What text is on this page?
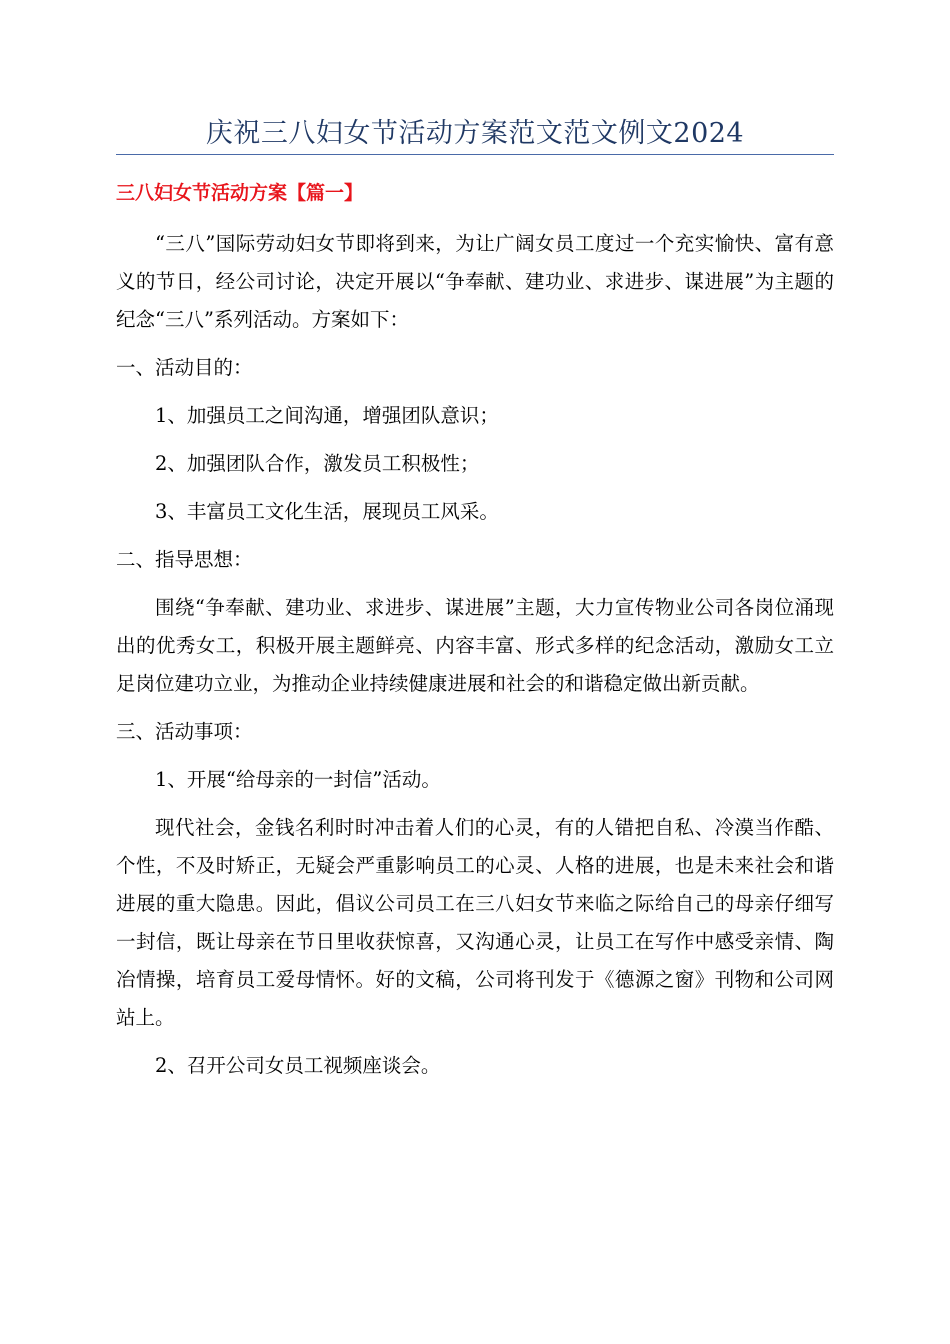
庆祝三八妇女节活动方案范文范文例文2024
三八妇女节活动方案【篇一】

“三八”国际劳动妇女节即将到来，为让广阔女员工度过一个充实愉快、富有意义的节日，经公司讨论，决定开展以“争奉献、建功业、求进步、谋进展”为主题的纪念“三八”系列活动。方案如下：

一、活动目的：

1、加强员工之间沟通，增强团队意识；

2、加强团队合作，激发员工积极性；

3、丰富员工文化生活，展现员工风采。

二、指导思想：

围绕“争奉献、建功业、求进步、谋进展”主题，大力宣传物业公司各岗位涌现出的优秀女工，积极开展主题鲜亮、内容丰富、形式多样的纪念活动，激励女工立足岗位建功立业，为推动企业持续健康进展和社会的和谐稳定做出新贡献。

三、活动事项：

1、开展“给母亲的一封信”活动。

现代社会，金钱名利时时冲击着人们的心灵，有的人错把自私、冷漠当作酷、个性，不及时矫正，无疑会严重影响员工的心灵、人格的进展，也是未来社会和谐进展的重大隐患。因此，倡议公司员工在三八妇女节来临之际给自己的母亲仔细写一封信，既让母亲在节日里收获惊喜，又沟通心灵，让员工在写作中感受亲情、陶冶情操，培育员工爱母情怀。好的文稿，公司将刊发于《德源之窗》刊物和公司网站上。

2、召开公司女员工视频座谈会。
